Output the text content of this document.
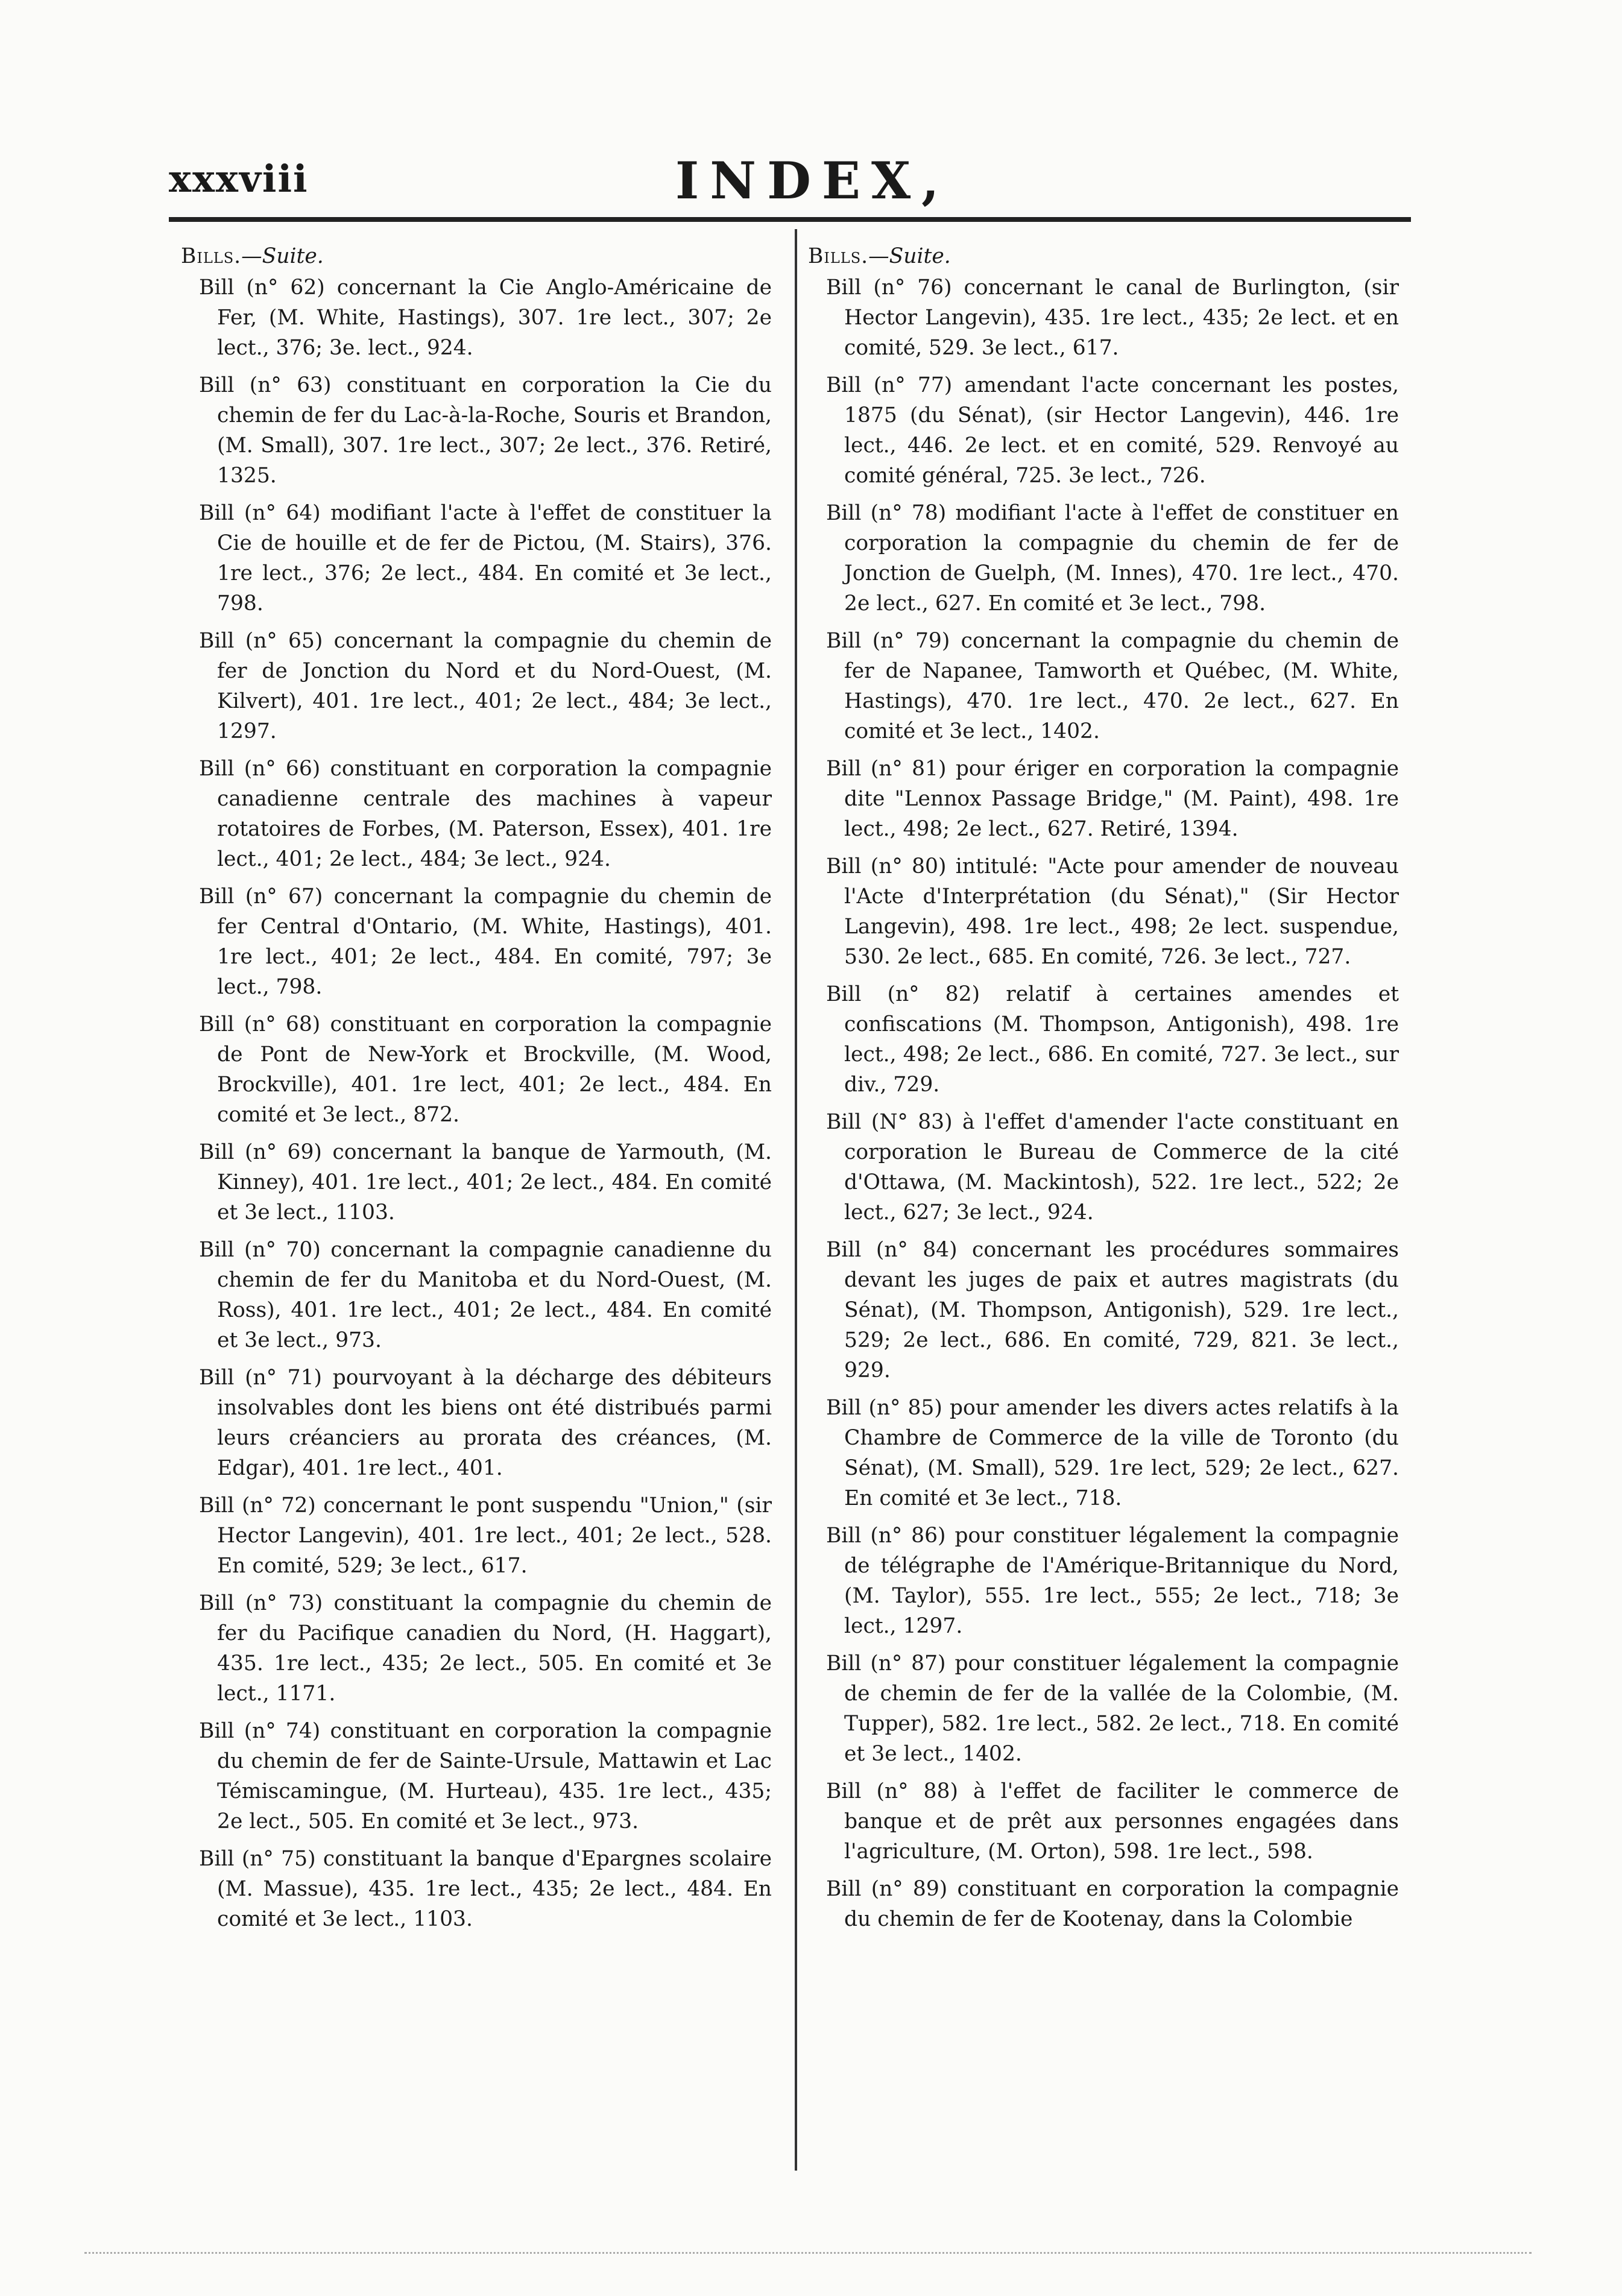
xxxviii	INDEX,
Bills.—Suite.

Bill (n° 62) concernant la Cie Anglo-Américaine de Fer, (M. White, Hastings), 307. 1re lect., 307; 2e lect., 376; 3e. lect., 924.

Bill (n° 63) constituant en corporation la Cie du chemin de fer du Lac-à-la-Roche, Souris et Brandon, (M. Small), 307. 1re lect., 307; 2e lect., 376. Retiré, 1325.

Bill (n° 64) modifiant l'acte à l'effet de constituer la Cie de houille et de fer de Pictou, (M. Stairs), 376. 1re lect., 376; 2e lect., 484. En comité et 3e lect., 798.

Bill (n° 65) concernant la compagnie du chemin de fer de Jonction du Nord et du Nord-Ouest, (M. Kilvert), 401. 1re lect., 401; 2e lect., 484; 3e lect., 1297.

Bill (n° 66) constituant en corporation la compagnie canadienne centrale des machines à vapeur rotatoires de Forbes, (M. Paterson, Essex), 401. 1re lect., 401; 2e lect., 484; 3e lect., 924.

Bill (n° 67) concernant la compagnie du chemin de fer Central d'Ontario, (M. White, Hastings), 401. 1re lect., 401; 2e lect., 484. En comité, 797; 3e lect., 798.

Bill (n° 68) constituant en corporation la compagnie de Pont de New-York et Brockville, (M. Wood, Brockville), 401. 1re lect, 401; 2e lect., 484. En comité et 3e lect., 872.

Bill (n° 69) concernant la banque de Yarmouth, (M. Kinney), 401. 1re lect., 401; 2e lect., 484. En comité et 3e lect., 1103.

Bill (n° 70) concernant la compagnie canadienne du chemin de fer du Manitoba et du Nord-Ouest, (M. Ross), 401. 1re lect., 401; 2e lect., 484. En comité et 3e lect., 973.

Bill (n° 71) pourvoyant à la décharge des débiteurs insolvables dont les biens ont été distribués parmi leurs créanciers au prorata des créances, (M. Edgar), 401. 1re lect., 401.

Bill (n° 72) concernant le pont suspendu "Union," (sir Hector Langevin), 401. 1re lect., 401; 2e lect., 528. En comité, 529; 3e lect., 617.

Bill (n° 73) constituant la compagnie du chemin de fer du Pacifique canadien du Nord, (H. Haggart), 435. 1re lect., 435; 2e lect., 505. En comité et 3e lect., 1171.

Bill (n° 74) constituant en corporation la compagnie du chemin de fer de Sainte-Ursule, Mattawin et Lac Témiscamingue, (M. Hurteau), 435. 1re lect., 435; 2e lect., 505. En comité et 3e lect., 973.

Bill (n° 75) constituant la banque d'Epargnes scolaire (M. Massue), 435. 1re lect., 435; 2e lect., 484. En comité et 3e lect., 1103.

Bills.—Suite.

Bill (n° 76) concernant le canal de Burlington, (sir Hector Langevin), 435. 1re lect., 435; 2e lect. et en comité, 529. 3e lect., 617.

Bill (n° 77) amendant l'acte concernant les postes, 1875 (du Sénat), (sir Hector Langevin), 446. 1re lect., 446. 2e lect. et en comité, 529. Renvoyé au comité général, 725. 3e lect., 726.

Bill (n° 78) modifiant l'acte à l'effet de constituer en corporation la compagnie du chemin de fer de Jonction de Guelph, (M. Innes), 470. 1re lect., 470. 2e lect., 627. En comité et 3e lect., 798.

Bill (n° 79) concernant la compagnie du chemin de fer de Napanee, Tamworth et Québec, (M. White, Hastings), 470. 1re lect., 470. 2e lect., 627. En comité et 3e lect., 1402.

Bill (n° 81) pour ériger en corporation la compagnie dite "Lennox Passage Bridge," (M. Paint), 498. 1re lect., 498; 2e lect., 627. Retiré, 1394.

Bill (n° 80) intitulé: "Acte pour amender de nouveau l'Acte d'Interprétation (du Sénat)," (Sir Hector Langevin), 498. 1re lect., 498; 2e lect. suspendue, 530. 2e lect., 685. En comité, 726. 3e lect., 727.

Bill (n° 82) relatif à certaines amendes et confiscations (M. Thompson, Antigonish), 498. 1re lect., 498; 2e lect., 686. En comité, 727. 3e lect., sur div., 729.

Bill (N° 83) à l'effet d'amender l'acte constituant en corporation le Bureau de Commerce de la cité d'Ottawa, (M. Mackintosh), 522. 1re lect., 522; 2e lect., 627; 3e lect., 924.

Bill (n° 84) concernant les procédures sommaires devant les juges de paix et autres magistrats (du Sénat), (M. Thompson, Antigonish), 529. 1re lect., 529; 2e lect., 686. En comité, 729, 821. 3e lect., 929.

Bill (n° 85) pour amender les divers actes relatifs à la Chambre de Commerce de la ville de Toronto (du Sénat), (M. Small), 529. 1re lect, 529; 2e lect., 627. En comité et 3e lect., 718.

Bill (n° 86) pour constituer légalement la compagnie de télégraphe de l'Amérique-Britannique du Nord, (M. Taylor), 555. 1re lect., 555; 2e lect., 718; 3e lect., 1297.

Bill (n° 87) pour constituer légalement la compagnie de chemin de fer de la vallée de la Colombie, (M. Tupper), 582. 1re lect., 582. 2e lect., 718. En comité et 3e lect., 1402.

Bill (n° 88) à l'effet de faciliter le commerce de banque et de prêt aux personnes engagées dans l'agriculture, (M. Orton), 598. 1re lect., 598.

Bill (n° 89) constituant en corporation la compagnie du chemin de fer de Kootenay, dans la Colombie
